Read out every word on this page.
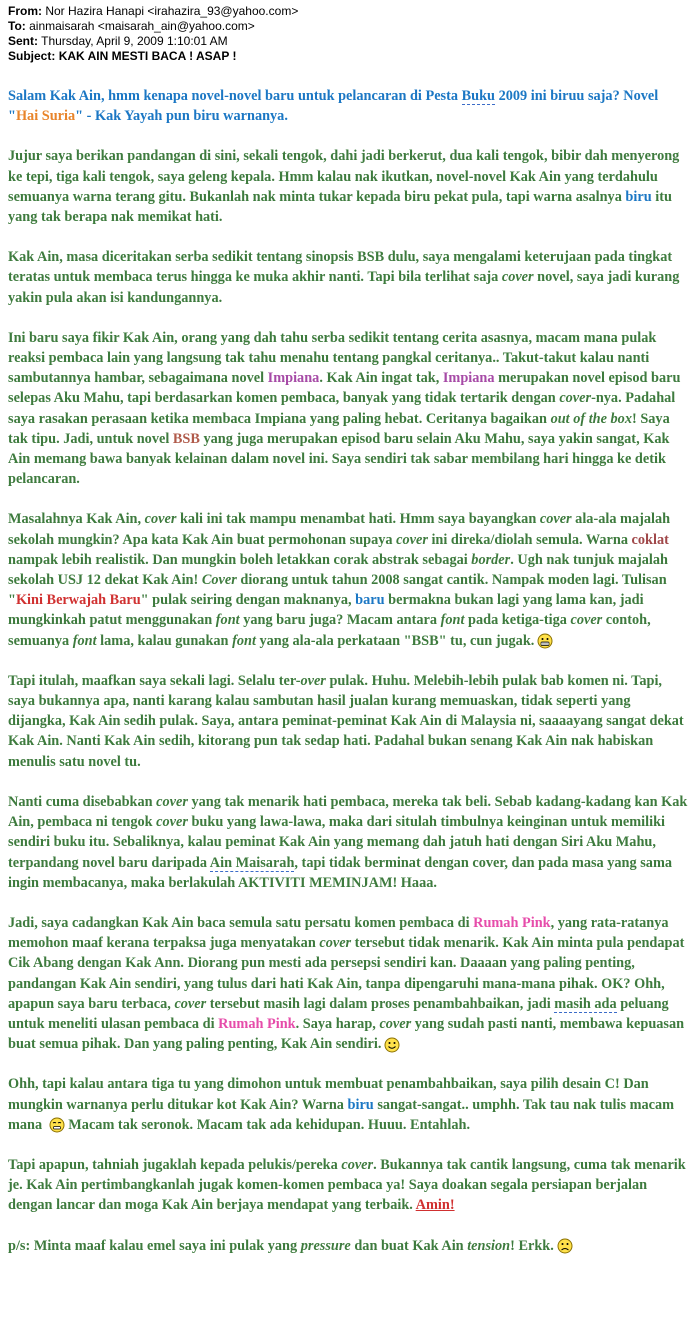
From: Nor Hazira Hanapi <irahazira_93@yahoo.com>
To: ainmaisarah <maisarah_ain@yahoo.com>
Sent: Thursday, April 9, 2009 1:10:01 AM
Subject: KAK AIN MESTI BACA ! ASAP !

Salam Kak Ain, hmm kenapa novel-novel baru untuk pelancaran di Pesta Buku 2009 ini biruu saja? Novel "Hai Suria" - Kak Yayah pun biru warnanya.

Jujur saya berikan pandangan di sini, sekali tengok, dahi jadi berkerut, dua kali tengok, bibir dah menyerong ke tepi, tiga kali tengok, saya geleng kepala. Hmm kalau nak ikutkan, novel-novel Kak Ain yang terdahulu semuanya warna terang gitu. Bukanlah nak minta tukar kepada biru pekat pula, tapi warna asalnya biru itu yang tak berapa nak memikat hati.

Kak Ain, masa diceritakan serba sedikit tentang sinopsis BSB dulu, saya mengalami keterujaan pada tingkat teratas untuk membaca terus hingga ke muka akhir nanti. Tapi bila terlihat saja cover novel, saya jadi kurang yakin pula akan isi kandungannya.

Ini baru saya fikir Kak Ain, orang yang dah tahu serba sedikit tentang cerita asasnya, macam mana pulak reaksi pembaca lain yang langsung tak tahu menahu tentang pangkal ceritanya.. Takut-takut kalau nanti sambutannya hambar, sebagaimana novel Impiana. Kak Ain ingat tak, Impiana merupakan novel episod baru selepas Aku Mahu, tapi berdasarkan komen pembaca, banyak yang tidak tertarik dengan cover-nya. Padahal saya rasakan perasaan ketika membaca Impiana yang paling hebat. Ceritanya bagaikan out of the box! Saya tak tipu. Jadi, untuk novel BSB yang juga merupakan episod baru selain Aku Mahu, saya yakin sangat, Kak Ain memang bawa banyak kelainan dalam novel ini. Saya sendiri tak sabar membilang hari hingga ke detik pelancaran.

Masalahnya Kak Ain, cover kali ini tak mampu menambat hati. Hmm saya bayangkan cover ala-ala majalah sekolah mungkin? Apa kata Kak Ain buat permohonan supaya cover ini direka/diolah semula. Warna coklat nampak lebih realistik. Dan mungkin boleh letakkan corak abstrak sebagai border. Ugh nak tunjuk majalah sekolah USJ 12 dekat Kak Ain! Cover diorang untuk tahun 2008 sangat cantik. Nampak moden lagi. Tulisan "Kini Berwajah Baru" pulak seiring dengan maknanya, baru bermakna bukan lagi yang lama kan, jadi mungkinkah patut menggunakan font yang baru juga? Macam antara font pada ketiga-tiga cover contoh, semuanya font lama, kalau gunakan font yang ala-ala perkataan "BSB" tu, cun jugak.

Tapi itulah, maafkan saya sekali lagi. Selalu ter-over pulak. Huhu. Melebih-lebih pulak bab komen ni. Tapi, saya bukannya apa, nanti karang kalau sambutan hasil jualan kurang memuaskan, tidak seperti yang dijangka, Kak Ain sedih pulak. Saya, antara peminat-peminat Kak Ain di Malaysia ni, saaaayang sangat dekat Kak Ain. Nanti Kak Ain sedih, kitorang pun tak sedap hati. Padahal bukan senang Kak Ain nak habiskan menulis satu novel tu.

Nanti cuma disebabkan cover yang tak menarik hati pembaca, mereka tak beli. Sebab kadang-kadang kan Kak Ain, pembaca ni tengok cover buku yang lawa-lawa, maka dari situlah timbulnya keinginan untuk memiliki sendiri buku itu. Sebaliknya, kalau peminat Kak Ain yang memang dah jatuh hati dengan Siri Aku Mahu, terpandang novel baru daripada Ain Maisarah, tapi tidak berminat dengan cover, dan pada masa yang sama ingin membacanya, maka berlakulah AKTIVITI MEMINJAM! Haaa.

Jadi, saya cadangkan Kak Ain baca semula satu persatu komen pembaca di Rumah Pink, yang rata-ratanya memohon maaf kerana terpaksa juga menyatakan cover tersebut tidak menarik. Kak Ain minta pula pendapat Cik Abang dengan Kak Ann. Diorang pun mesti ada persepsi sendiri kan. Daaaan yang paling penting, pandangan Kak Ain sendiri, yang tulus dari hati Kak Ain, tanpa dipengaruhi mana-mana pihak. OK? Ohh, apapun saya baru terbaca, cover tersebut masih lagi dalam proses penambahbaikan, jadi masih ada peluang untuk meneliti ulasan pembaca di Rumah Pink. Saya harap, cover yang sudah pasti nanti, membawa kepuasan buat semua pihak. Dan yang paling penting, Kak Ain sendiri.

Ohh, tapi kalau antara tiga tu yang dimohon untuk membuat penambahbaikan, saya pilih desain C! Dan mungkin warnanya perlu ditukar kot Kak Ain? Warna biru sangat-sangat.. umphh. Tak tau nak tulis macam mana  Macam tak seronok. Macam tak ada kehidupan. Huuu. Entahlah.

Tapi apapun, tahniah jugaklah kepada pelukis/pereka cover. Bukannya tak cantik langsung, cuma tak menarik je. Kak Ain pertimbangkanlah jugak komen-komen pembaca ya! Saya doakan segala persiapan berjalan dengan lancar dan moga Kak Ain berjaya mendapat yang terbaik. Amin!

p/s: Minta maaf kalau emel saya ini pulak yang pressure dan buat Kak Ain tension! Erkk.
